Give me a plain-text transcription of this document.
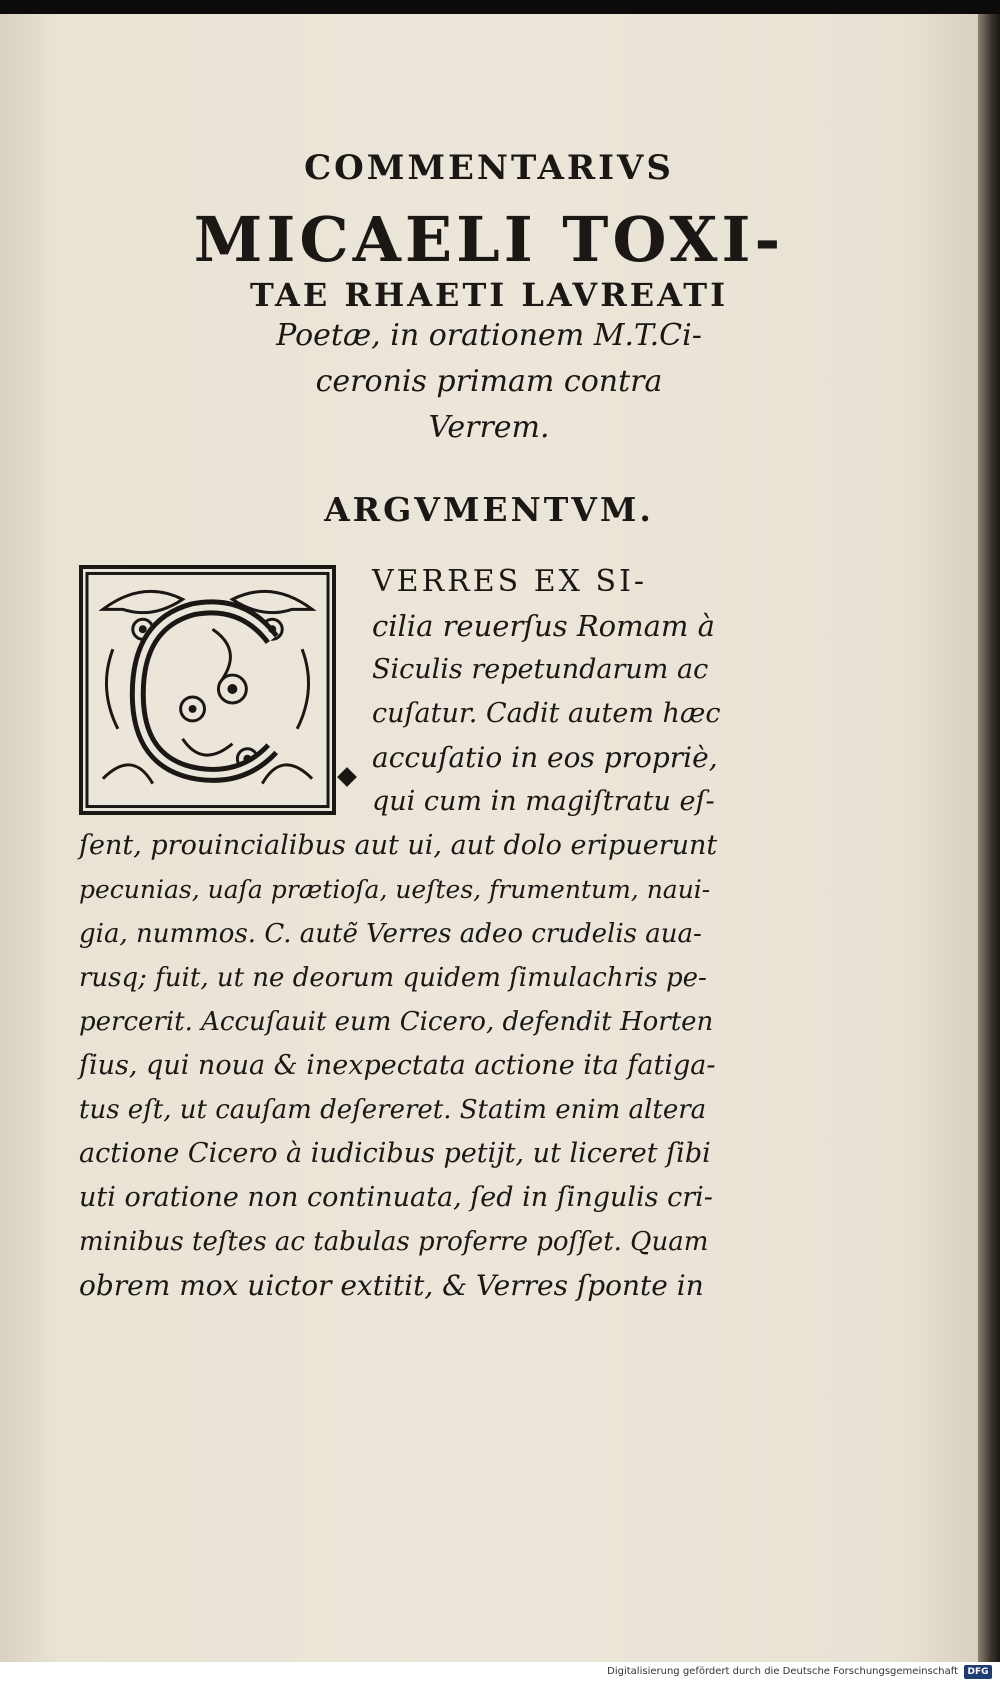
COMMENTARIVS
MICAELI TOXI-
TAE RHAETI LAVREATI
Poetæ, in orationem M.T.Ci-
ceronis primam contra
Verrem.
ARGVMENTVM.
VERRES EX SI-
cilia reuerſus Romam à
Siculis repetundarum ac
cuſatur. Cadit autem hæc
accuſatio in eos propriè,
qui cum in magiſtratu eſ-
ſent, prouincialibus aut ui, aut dolo eripuerunt
pecunias, uaſa prætioſa, ueſtes, frumentum, naui-
gia, nummos. C. autẽ Verres adeo crudelis aua-
rusq; fuit, ut ne deorum quidem ſimulachris pe-
percerit. Accuſauit eum Cicero, defendit Horten
ſius, qui noua & inexpectata actione ita fatiga-
tus eſt, ut cauſam deſereret. Statim enim altera
actione Cicero à iudicibus petijt, ut liceret ſibi
uti oratione non continuata, ſed in ſingulis cri-
minibus teſtes ac tabulas proferre poſſet. Quam
obrem mox uictor extitit, & Verres ſponte in
Digitalisierung gefördert durch die Deutsche Forschungsgemeinschaft	DFG
